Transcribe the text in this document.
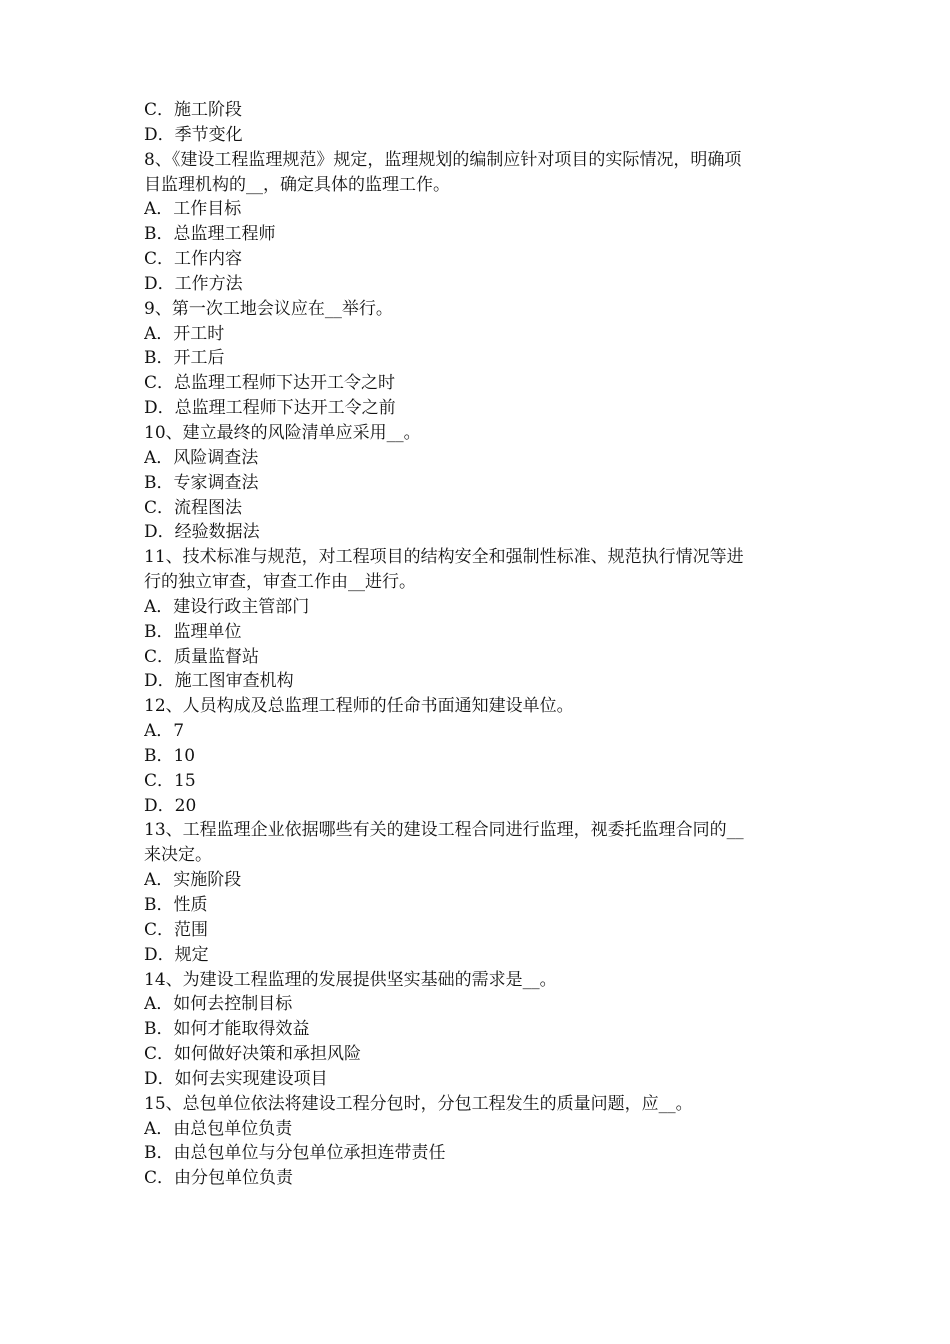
C．施工阶段
D．季节变化
8、《建设工程监理规范》规定，监理规划的编制应针对项目的实际情况，明确项
目监理机构的__，确定具体的监理工作。
A．工作目标
B．总监理工程师
C．工作内容
D．工作方法
9、第一次工地会议应在__举行。
A．开工时
B．开工后
C．总监理工程师下达开工令之时
D．总监理工程师下达开工令之前
10、建立最终的风险清单应采用__。
A．风险调查法
B．专家调查法
C．流程图法
D．经验数据法
11、技术标准与规范，对工程项目的结构安全和强制性标准、规范执行情况等进
行的独立审查，审查工作由__进行。
A．建设行政主管部门
B．监理单位
C．质量监督站
D．施工图审查机构
12、人员构成及总监理工程师的任命书面通知建设单位。
A．7
B．10
C．15
D．20
13、工程监理企业依据哪些有关的建设工程合同进行监理，视委托监理合同的__
来决定。
A．实施阶段
B．性质
C．范围
D．规定
14、为建设工程监理的发展提供坚实基础的需求是__。
A．如何去控制目标
B．如何才能取得效益
C．如何做好决策和承担风险
D．如何去实现建设项目
15、总包单位依法将建设工程分包时，分包工程发生的质量问题，应__。
A．由总包单位负责
B．由总包单位与分包单位承担连带责任
C．由分包单位负责
